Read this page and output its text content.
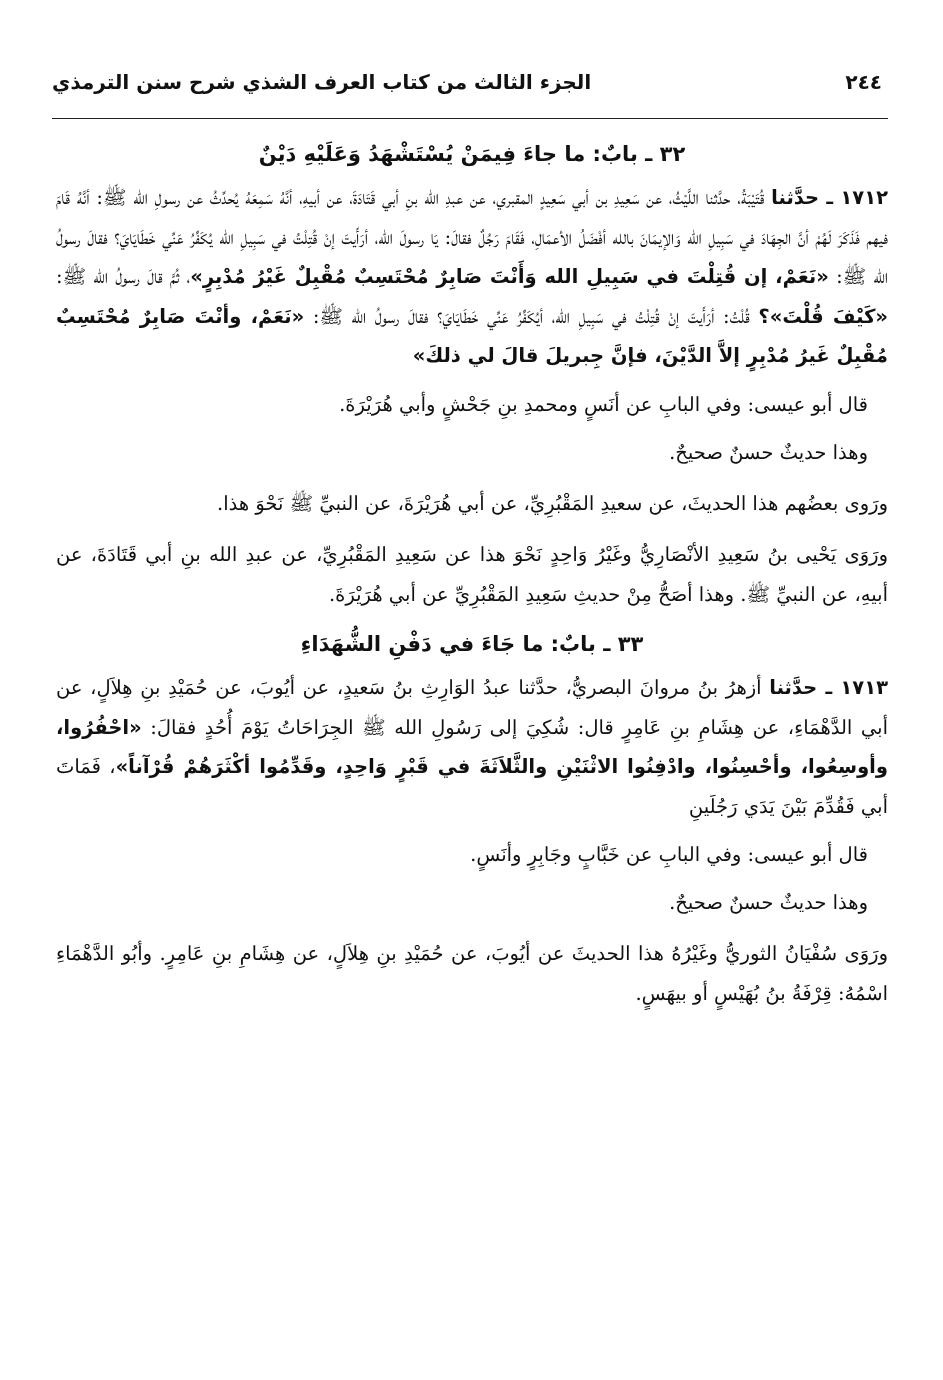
الجزء الثالث من كتاب العرف الشذي شرح سنن الترمذي	٢٤٤
٣٢ ـ بابٌ: ما جاءَ فِيمَنْ يُسْتَشْهَدُ وَعَلَيْهِ دَيْنٌ

١٧١٢ ـ حدَّثنا قُتَيْبَةُ، حدَّثنا اللَّيْثُ، عن سَعِيدِ بن أبي سَعِيدٍ المقبري، عن عبدِ الله بنِ أبي قَتَادَةَ، عن أبيهِ، أنَّهُ سَمِعَهُ يُحدِّثُ عن رسولِ الله ﷺ: أنَّهُ قَامَ فيهم فَذَكَرَ لَهُمْ أنَّ الجِهَادَ في سَبِيلِ الله وَالإيمَانَ بالله أفْضَلُ الأعمَالِ، فَقَامَ رَجُلٌ فقالَ: يَا رسولَ الله، أرَأَيتَ إنْ قُتِلْتُ في سَبِيلِ الله يُكَفِّرُ عَنِّي خَطَايَايَ؟ فقالَ رسولُ الله ﷺ: «نَعَمْ، إن قُتِلْتَ في سَبِيلِ الله وَأَنْتَ صَابِرٌ مُحْتَسِبٌ مُقْبِلٌ غَيْرُ مُدْبِرٍ»، ثُمَّ قالَ رسولُ الله ﷺ: «كَيْفَ قُلْتَ»؟ قُلْتُ: أرَأَيتَ إنْ قُتِلْتُ في سَبِيلِ الله، أيُكَفِّرُ عَنِّي خَطَايَايَ؟ فقالَ رسولُ الله ﷺ: «نَعَمْ، وأنْتَ صَابِرٌ مُحْتَسِبٌ مُقْبِلٌ غَيرُ مُدْبِرٍ إلاَّ الدَّيْنَ، فإنَّ جِبريلَ قالَ لي ذلكَ»

قال أبو عيسى: وفي البابِ عن أنَسٍ ومحمدِ بنِ جَحْشٍ وأبي هُرَيْرَةَ.
وهذا حديثٌ حسنٌ صحيحٌ.

ورَوى بعضُهم هذا الحديثَ، عن سعيدِ المَقْبُرِيِّ، عن أبي هُرَيْرَةَ، عن النبيِّ ﷺ نَحْوَ هذا.

ورَوَى يَحْيى بنُ سَعِيدِ الأنْصَارِيُّ وغَيْرُ وَاحِدٍ نَحْوَ هذا عن سَعِيدِ المَقْبُرِيِّ، عن عبدِ الله بنِ أبي قَتَادَةَ، عن أبيهِ، عن النبيِّ ﷺ. وهذا أصَحُّ مِنْ حديثِ سَعِيدِ المَقْبُرِيِّ عن أبي هُرَيْرَةَ.

٣٣ ـ بابٌ: ما جَاءَ في دَفْنِ الشُّهَدَاءِ

١٧١٣ ـ حدَّثنا أزهرُ بنُ مروانَ البصريُّ، حدَّثنا عبدُ الوَارِثِ بنُ سَعيدٍ، عن أيُوبَ، عن حُمَيْدِ بنِ هِلاَلٍ، عن أبي الدَّهْمَاءِ، عن هِشَامِ بنِ عَامِرٍ قال: شُكِيَ إلى رَسُولِ الله ﷺ الجِرَاحَاتُ يَوْمَ أُحُدٍ فقالَ: «احْفُرُوا، وأوسِعُوا، وأحْسِنُوا، وادْفِنُوا الاثْنَيْنِ والثَّلاَثَةَ في قَبْرٍ وَاحِدٍ، وقَدِّمُوا أكْثَرَهُمْ قُرْآناً»، فَمَاتَ أبي فَقُدِّمَ بَيْنَ يَدَي رَجُلَينِ

قال أبو عيسى: وفي البابِ عن خَبَّابٍ وجَابِرٍ وأنَسٍ.
وهذا حديثٌ حسنٌ صحيحٌ.

ورَوَى سُفْيَانُ الثوريُّ وغَيْرُهُ هذا الحديثَ عن أيُوبَ، عن حُمَيْدِ بنِ هِلاَلٍ، عن هِشَامِ بنِ عَامِرٍ. وأبُو الدَّهْمَاءِ اسْمُهُ: قِرْفَةُ بنُ بُهَيْسٍ أو بيهَسٍ.
